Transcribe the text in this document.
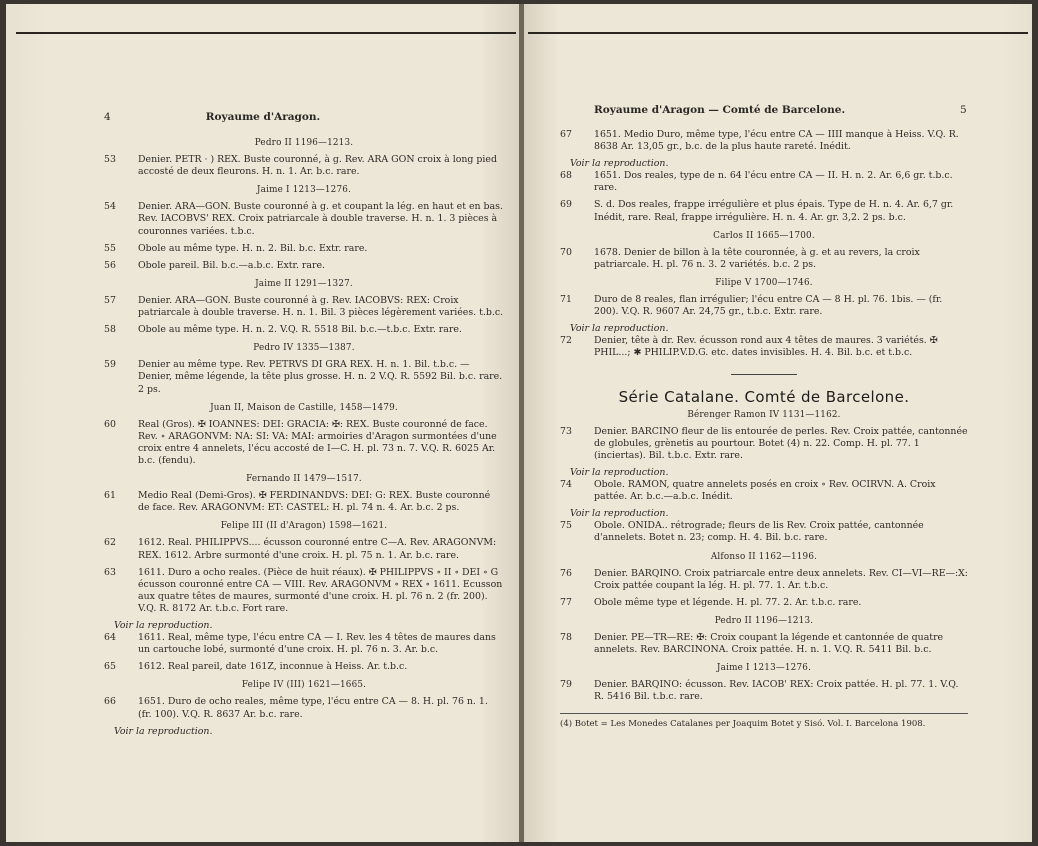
4	Royaume d'Aragon.
Pedro II 1196—1213.
53	Denier. PETR · ) REX. Buste couronné, à g. Rev. ARA GON croix à long pied accosté de deux fleurons. H. n. 1. Ar. b.c. rare.
Jaime I 1213—1276.
54	Denier. ARA—GON. Buste couronné à g. et coupant la lég. en haut et en bas. Rev. IACOBVS' REX. Croix patriarcale à double traverse. H. n. 1. 3 pièces à couronnes variées. t.b.c.
55	Obole au même type. H. n. 2. Bil. b.c. Extr. rare.
56	Obole pareil. Bil. b.c.—a.b.c. Extr. rare.
Jaime II 1291—1327.
57	Denier. ARA—GON. Buste couronné à g. Rev. IACOBVS: REX: Croix patriarcale à double traverse. H. n. 1. Bil. 3 pièces légèrement variées. t.b.c.
58	Obole au même type. H. n. 2. V.Q. R. 5518 Bil. b.c.—t.b.c. Extr. rare.
Pedro IV 1335—1387.
59	Denier au même type. Rev. PETRVS DI GRA REX. H. n. 1. Bil. t.b.c. — Denier, même légende, la tête plus grosse. H. n. 2 V.Q. R. 5592 Bil. b.c. rare. 2 ps.
Juan II, Maison de Castille, 1458—1479.
60	Real (Gros). ✠ IOANNES: DEI: GRACIA: ✠: REX. Buste couronné de face. Rev. ∘ ARAGONVM: NA: SI: VA: MAI: armoiries d'Aragon surmontées d'une croix entre 4 annelets, l'écu accosté de I—C. H. pl. 73 n. 7. V.Q. R. 6025 Ar. b.c. (fendu).
Fernando II 1479—1517.
61	Medio Real (Demi-Gros). ✠ FERDINANDVS: DEI: G: REX. Buste couronné de face. Rev. ARAGONVM: ET: CASTEL: H. pl. 74 n. 4. Ar. b.c. 2 ps.
Felipe III (II d'Aragon) 1598—1621.
62	1612. Real. PHILIPPVS.... écusson couronné entre C—A. Rev. ARAGONVM: REX. 1612. Arbre surmonté d'une croix. H. pl. 75 n. 1. Ar. b.c. rare.
63	1611. Duro a ocho reales. (Pièce de huit réaux). ✠ PHILIPPVS ∘ II ∘ DEI ∘ G écusson couronné entre CA — VIII. Rev. ARAGONVM ∘ REX ∘ 1611. Ecusson aux quatre têtes de maures, surmonté d'une croix. H. pl. 76 n. 2 (fr. 200). V.Q. R. 8172 Ar. t.b.c. Fort rare.
Voir la reproduction.
64	1611. Real, même type, l'écu entre CA — I. Rev. les 4 têtes de maures dans un cartouche lobé, surmonté d'une croix. H. pl. 76 n. 3. Ar. b.c.
65	1612. Real pareil, date 161Z, inconnue à Heiss. Ar. t.b.c.
Felipe IV (III) 1621—1665.
66	1651. Duro de ocho reales, même type, l'écu entre CA — 8. H. pl. 76 n. 1. (fr. 100). V.Q. R. 8637 Ar. b.c. rare.
Voir la reproduction.
Royaume d'Aragon — Comté de Barcelone.	5
67	1651. Medio Duro, même type, l'écu entre CA — IIII manque à Heiss. V.Q. R. 8638 Ar. 13,05 gr., b.c. de la plus haute rareté. Inédit.
Voir la reproduction.
68	1651. Dos reales, type de n. 64 l'écu entre CA — II. H. n. 2. Ar. 6,6 gr. t.b.c. rare.
69	S. d. Dos reales, frappe irrégulière et plus épais. Type de H. n. 4. Ar. 6,7 gr. Inédit, rare. Real, frappe irrégulière. H. n. 4. Ar. gr. 3,2. 2 ps. b.c.
Carlos II 1665—1700.
70	1678. Denier de billon à la tête couronnée, à g. et au revers, la croix patriarcale. H. pl. 76 n. 3. 2 variétés. b.c. 2 ps.
Filipe V 1700—1746.
71	Duro de 8 reales, flan irrégulier; l'écu entre CA — 8 H. pl. 76. 1bis. — (fr. 200). V.Q. R. 9607 Ar. 24,75 gr., t.b.c. Extr. rare.
Voir la reproduction.
72	Denier, tête à dr. Rev. écusson rond aux 4 têtes de maures. 3 variétés. ✠ PHIL...; ✱ PHILIP.V.D.G. etc. dates invisibles. H. 4. Bil. b.c. et t.b.c.
Série Catalane. Comté de Barcelone.
Bérenger Ramon IV 1131—1162.
73	Denier. BARCINO fleur de lis entourée de perles. Rev. Croix pattée, cantonnée de globules, grènetis au pourtour. Botet (4) n. 22. Comp. H. pl. 77. 1 (inciertas). Bil. t.b.c. Extr. rare.
Voir la reproduction.
74	Obole. RAMON, quatre annelets posés en croix ∘ Rev. OCIRVN. A. Croix pattée. Ar. b.c.—a.b.c. Inédit.
Voir la reproduction.
75	Obole. ONIDA.. rétrograde; fleurs de lis Rev. Croix pattée, cantonnée d'annelets. Botet n. 23; comp. H. 4. Bil. b.c. rare.
Alfonso II 1162—1196.
76	Denier. BARQINO. Croix patriarcale entre deux annelets. Rev. CI—VI—RE—:X: Croix pattée coupant la lég. H. pl. 77. 1. Ar. t.b.c.
77	Obole même type et légende. H. pl. 77. 2. Ar. t.b.c. rare.
Pedro II 1196—1213.
78	Denier. PE—TR—RE: ✠: Croix coupant la légende et cantonnée de quatre annelets. Rev. BARCINONA. Croix pattée. H. n. 1. V.Q. R. 5411 Bil. b.c.
Jaime I 1213—1276.
79	Denier. BARQINO: écusson. Rev. IACOB' REX: Croix pattée. H. pl. 77. 1. V.Q. R. 5416 Bil. t.b.c. rare.
(4) Botet = Les Monedes Catalanes per Joaquim Botet y Sisó. Vol. I. Barcelona 1908.
